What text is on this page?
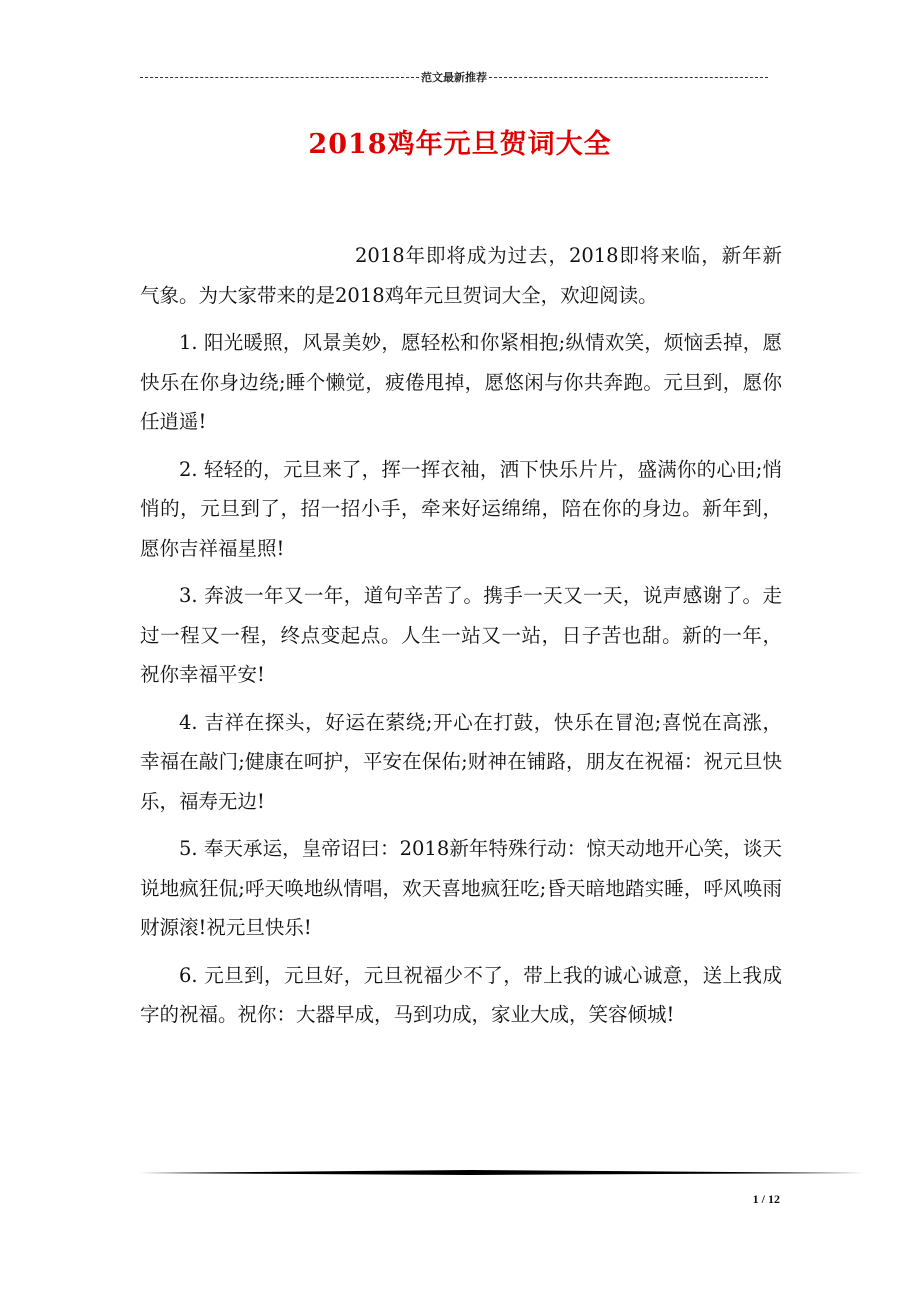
范文最新推荐
2018鸡年元旦贺词大全

2018年即将成为过去，2018即将来临，新年新气象。为大家带来的是2018鸡年元旦贺词大全，欢迎阅读。

1. 阳光暖照，风景美妙，愿轻松和你紧相抱;纵情欢笑，烦恼丢掉，愿快乐在你身边绕;睡个懒觉，疲倦甩掉，愿悠闲与你共奔跑。元旦到，愿你任逍遥!

2. 轻轻的，元旦来了，挥一挥衣袖，洒下快乐片片，盛满你的心田;悄悄的，元旦到了，招一招小手，牵来好运绵绵，陪在你的身边。新年到，愿你吉祥福星照!

3. 奔波一年又一年，道句辛苦了。携手一天又一天，说声感谢了。走过一程又一程，终点变起点。人生一站又一站，日子苦也甜。新的一年，祝你幸福平安!

4. 吉祥在探头，好运在萦绕;开心在打鼓，快乐在冒泡;喜悦在高涨，幸福在敲门;健康在呵护，平安在保佑;财神在铺路，朋友在祝福：祝元旦快乐，福寿无边!

5. 奉天承运，皇帝诏曰：2018新年特殊行动：惊天动地开心笑，谈天说地疯狂侃;呼天唤地纵情唱，欢天喜地疯狂吃;昏天暗地踏实睡，呼风唤雨财源滚!祝元旦快乐!

6. 元旦到，元旦好，元旦祝福少不了，带上我的诚心诚意，送上我成字的祝福。祝你：大器早成，马到功成，家业大成，笑容倾城!

1 / 12
